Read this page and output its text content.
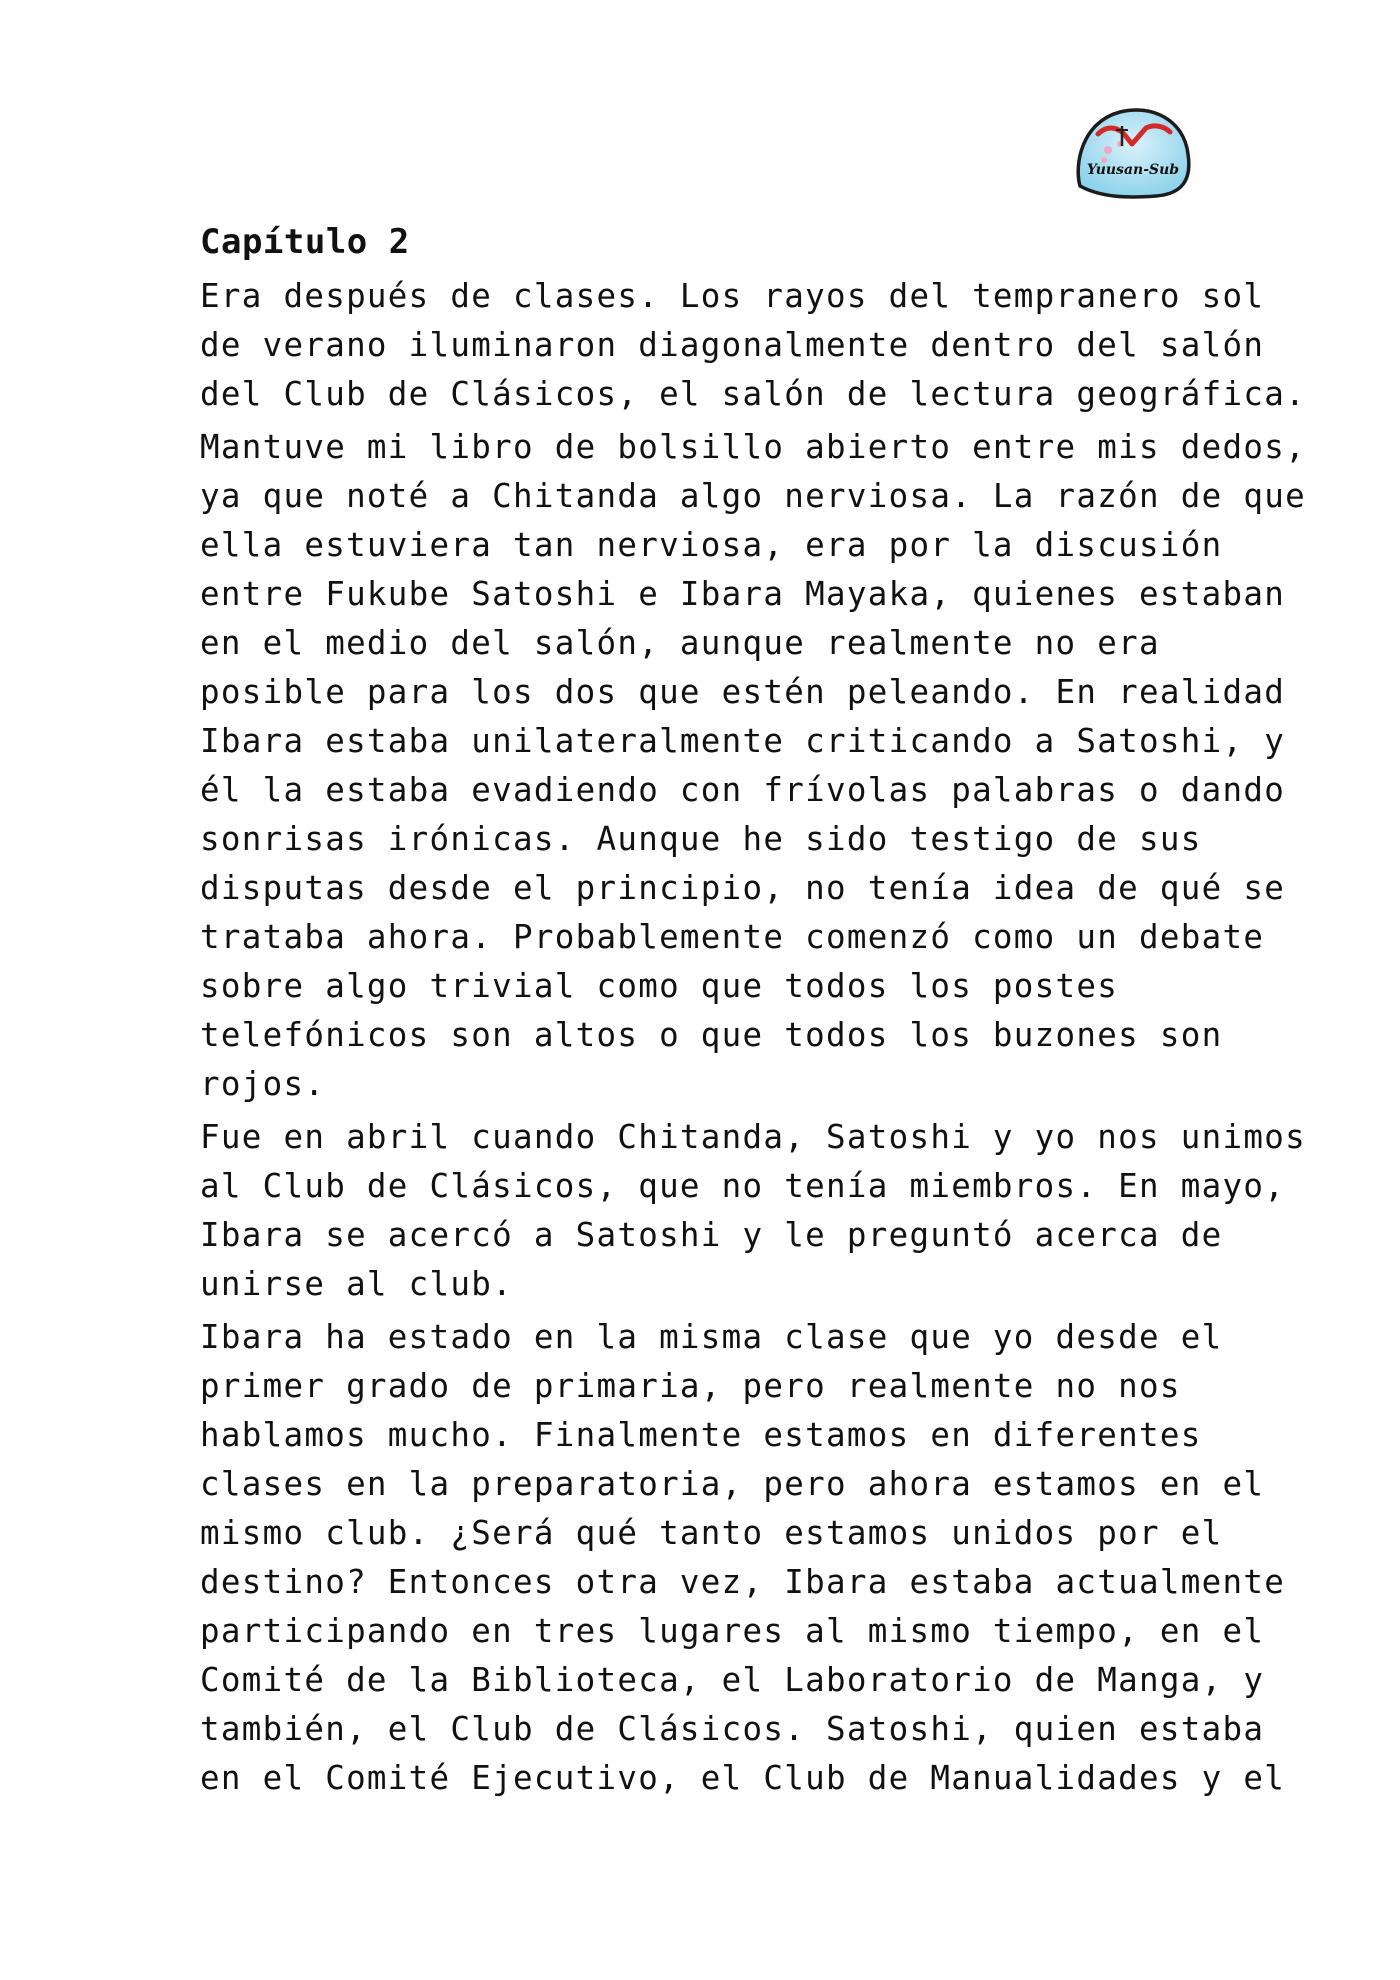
Yuusan-Sub
Capítulo 2

Era después de clases. Los rayos del tempranero sol
de verano iluminaron diagonalmente dentro del salón
del Club de Clásicos, el salón de lectura geográfica.

Mantuve mi libro de bolsillo abierto entre mis dedos,
ya que noté a Chitanda algo nerviosa. La razón de que
ella estuviera tan nerviosa, era por la discusión
entre Fukube Satoshi e Ibara Mayaka, quienes estaban
en el medio del salón, aunque realmente no era
posible para los dos que estén peleando. En realidad
Ibara estaba unilateralmente criticando a Satoshi, y
él la estaba evadiendo con frívolas palabras o dando
sonrisas irónicas. Aunque he sido testigo de sus
disputas desde el principio, no tenía idea de qué se
trataba ahora. Probablemente comenzó como un debate
sobre algo trivial como que todos los postes
telefónicos son altos o que todos los buzones son
rojos.

Fue en abril cuando Chitanda, Satoshi y yo nos unimos
al Club de Clásicos, que no tenía miembros. En mayo,
Ibara se acercó a Satoshi y le preguntó acerca de
unirse al club.

Ibara ha estado en la misma clase que yo desde el
primer grado de primaria, pero realmente no nos
hablamos mucho. Finalmente estamos en diferentes
clases en la preparatoria, pero ahora estamos en el
mismo club. ¿Será qué tanto estamos unidos por el
destino? Entonces otra vez, Ibara estaba actualmente
participando en tres lugares al mismo tiempo, en el
Comité de la Biblioteca, el Laboratorio de Manga, y
también, el Club de Clásicos. Satoshi, quien estaba
en el Comité Ejecutivo, el Club de Manualidades y el
